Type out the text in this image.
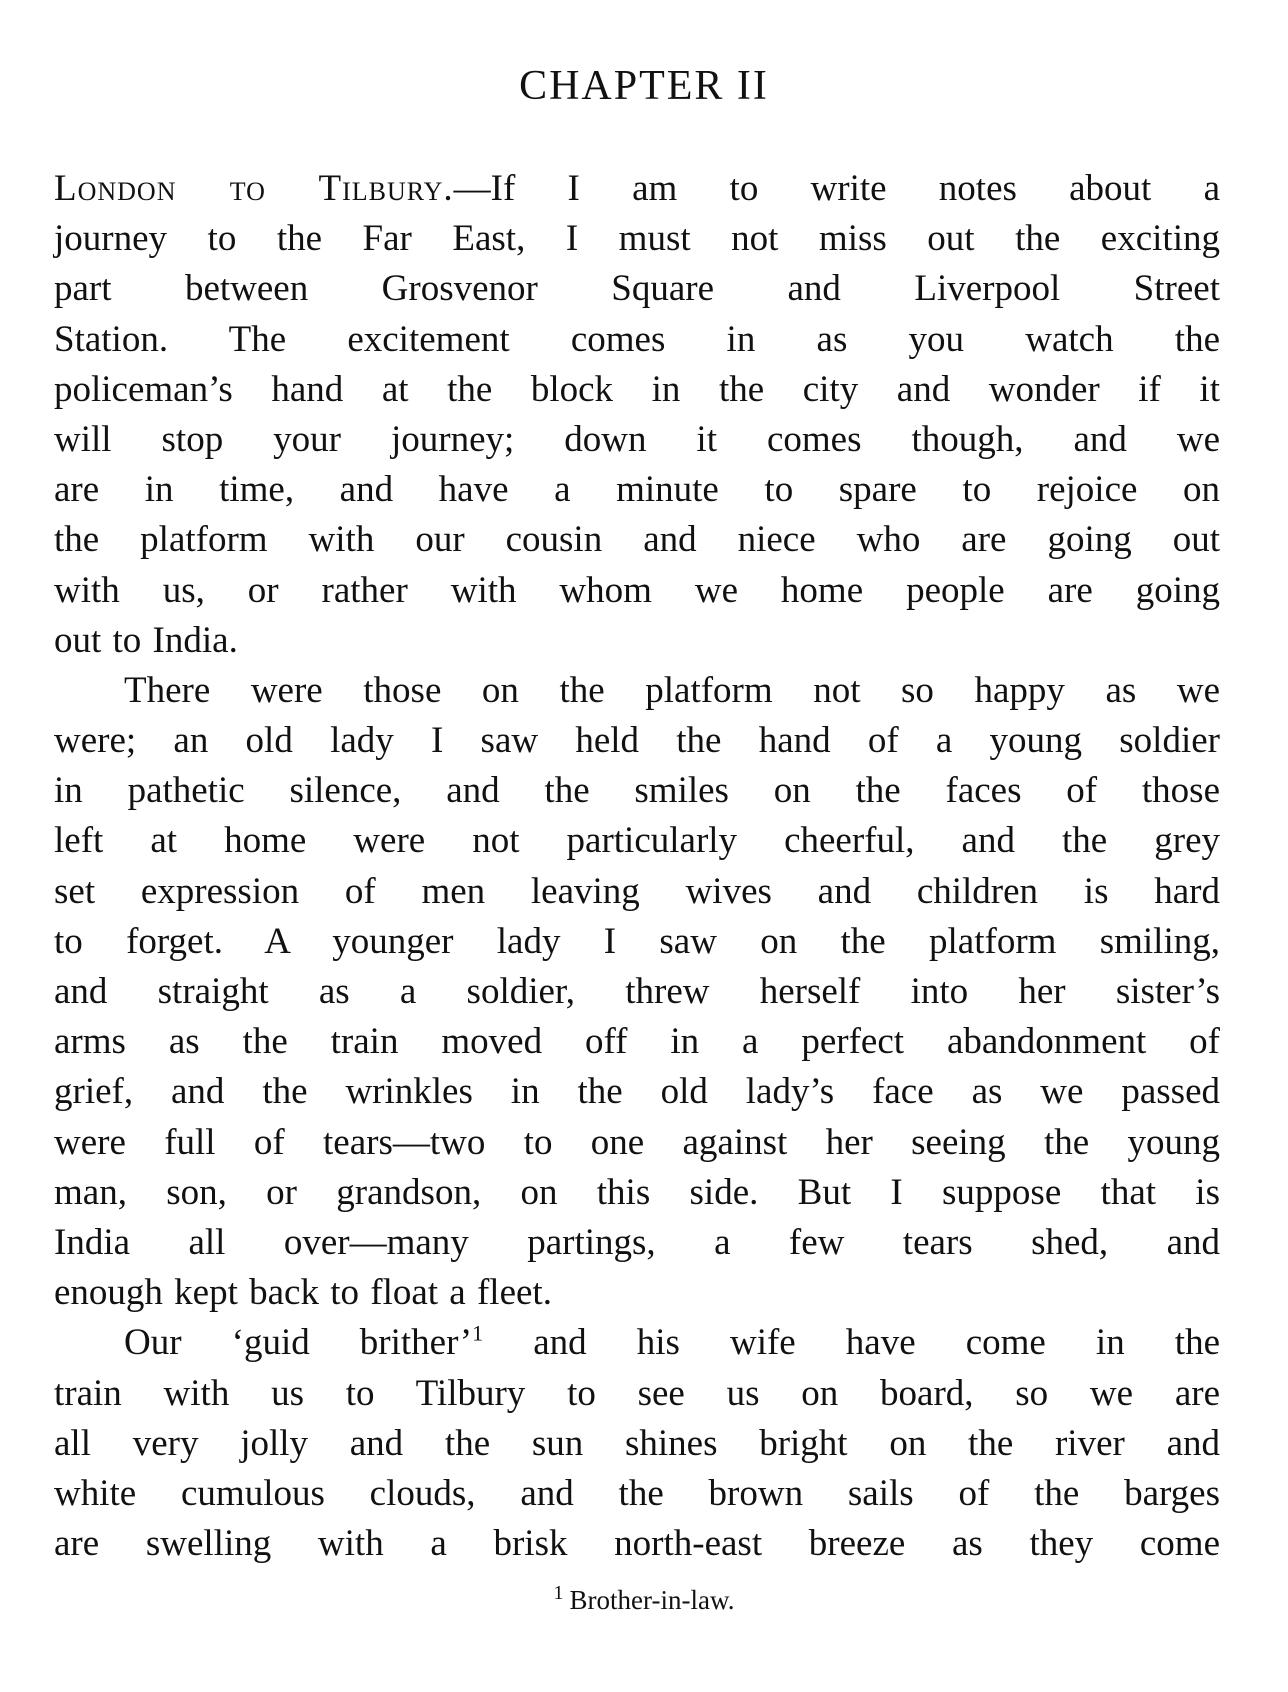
CHAPTER II
London to Tilbury.—If I am to write notes about a
journey to the Far East, I must not miss out the exciting
part between Grosvenor Square and Liverpool Street
Station. The excitement comes in as you watch the
policeman’s hand at the block in the city and wonder if it
will stop your journey; down it comes though, and we
are in time, and have a minute to spare to rejoice on
the platform with our cousin and niece who are going out
with us, or rather with whom we home people are going
out to India.
There were those on the platform not so happy as we
were; an old lady I saw held the hand of a young soldier
in pathetic silence, and the smiles on the faces of those
left at home were not particularly cheerful, and the grey
set expression of men leaving wives and children is hard
to forget. A younger lady I saw on the platform smiling,
and straight as a soldier, threw herself into her sister’s
arms as the train moved off in a perfect abandonment of
grief, and the wrinkles in the old lady’s face as we passed
were full of tears—two to one against her seeing the young
man, son, or grandson, on this side. But I suppose that is
India all over—many partings, a few tears shed, and
enough kept back to float a fleet.
Our ‘guid brither’$^1$ and his wife have come in the
train with us to Tilbury to see us on board, so we are
all very jolly and the sun shines bright on the river and
white cumulous clouds, and the brown sails of the barges
are swelling with a brisk north-east breeze as they come
$^1$ Brother-in-law.
